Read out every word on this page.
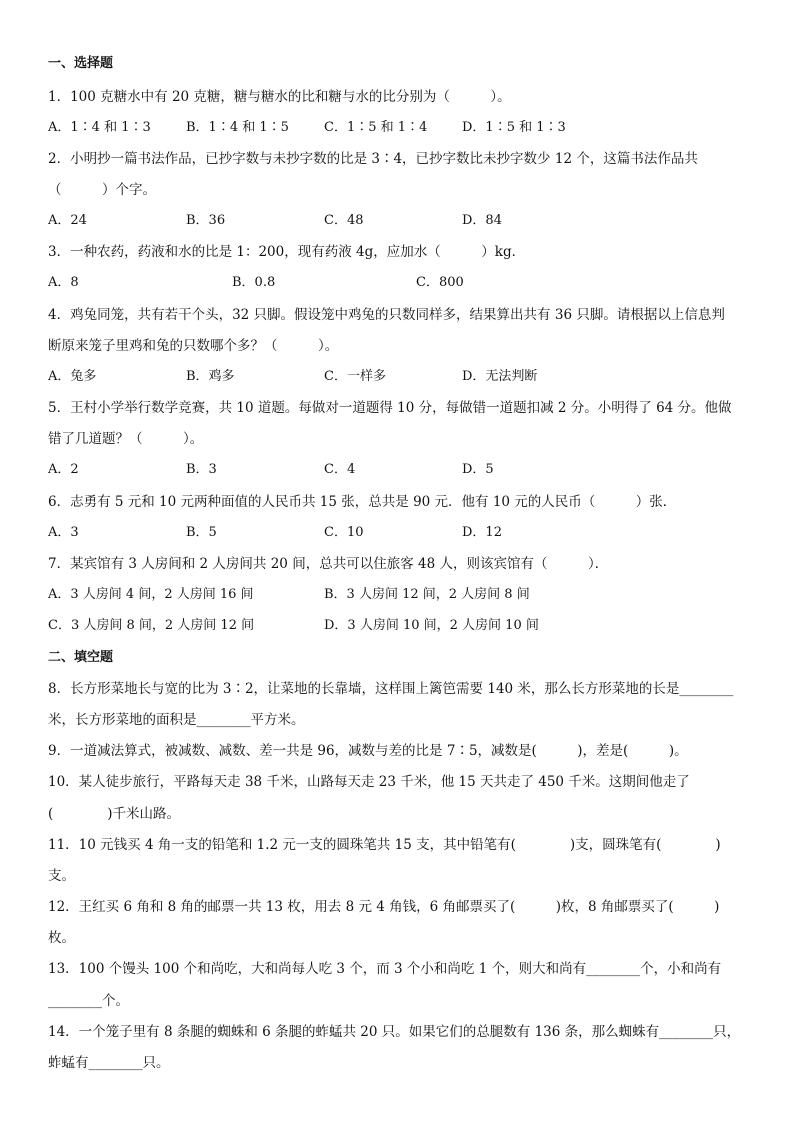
一、选择题
1．100 克糖水中有 20 克糖，糖与糖水的比和糖与水的比分别为（　　　）。
A．1∶4 和 1∶3	B．1∶4 和 1∶5	C．1∶5 和 1∶4	D．1∶5 和 1∶3
2．小明抄一篇书法作品，已抄字数与未抄字数的比是 3∶4，已抄字数比未抄字数少 12 个，这篇书法作品共
（　　　）个字。
A．24	B．36	C．48	D．84
3．一种农药，药液和水的比是 1：200，现有药液 4g，应加水（　　　）kg．
A．8	B．0.8	C．800
4．鸡兔同笼，共有若干个头，32 只脚。假设笼中鸡兔的只数同样多，结果算出共有 36 只脚。请根据以上信息判
断原来笼子里鸡和兔的只数哪个多？（　　　）。
A．兔多	B．鸡多	C．一样多	D．无法判断
5．王村小学举行数学竞赛，共 10 道题。每做对一道题得 10 分，每做错一道题扣减 2 分。小明得了 64 分。他做
错了几道题？（　　　）。
A．2	B．3	C．4	D．5
6．志勇有 5 元和 10 元两种面值的人民币共 15 张，总共是 90 元．他有 10 元的人民币（　　　）张．
A．3	B．5	C．10	D．12
7．某宾馆有 3 人房间和 2 人房间共 20 间，总共可以住旅客 48 人，则该宾馆有（　　　）．
A．3 人房间 4 间，2 人房间 16 间	B．3 人房间 12 间，2 人房间 8 间
C．3 人房间 8 间，2 人房间 12 间	D．3 人房间 10 间，2 人房间 10 间
二、填空题
8．长方形菜地长与宽的比为 3∶2，让菜地的长靠墙，这样围上篱笆需要 140 米，那么长方形菜地的长是________
米，长方形菜地的面积是________平方米。
9．一道减法算式，被减数、减数、差一共是 96，减数与差的比是 7∶5，减数是(　　　)，差是(　　　)。
10．某人徒步旅行，平路每天走 38 千米，山路每天走 23 千米，他 15 天共走了 450 千米。这期间他走了
(　　　　)千米山路。
11．10 元钱买 4 角一支的铅笔和 1.2 元一支的圆珠笔共 15 支，其中铅笔有(　　　　)支，圆珠笔有(　　　　)
支。
12．王红买 6 角和 8 角的邮票一共 13 枚，用去 8 元 4 角钱，6 角邮票买了(　　　)枚，8 角邮票买了(　　　)
枚。
13．100 个馒头 100 个和尚吃，大和尚每人吃 3 个，而 3 个小和尚吃 1 个，则大和尚有________个，小和尚有
________个。
14．一个笼子里有 8 条腿的蜘蛛和 6 条腿的蚱蜢共 20 只。如果它们的总腿数有 136 条，那么蜘蛛有________只，
蚱蜢有________只。
